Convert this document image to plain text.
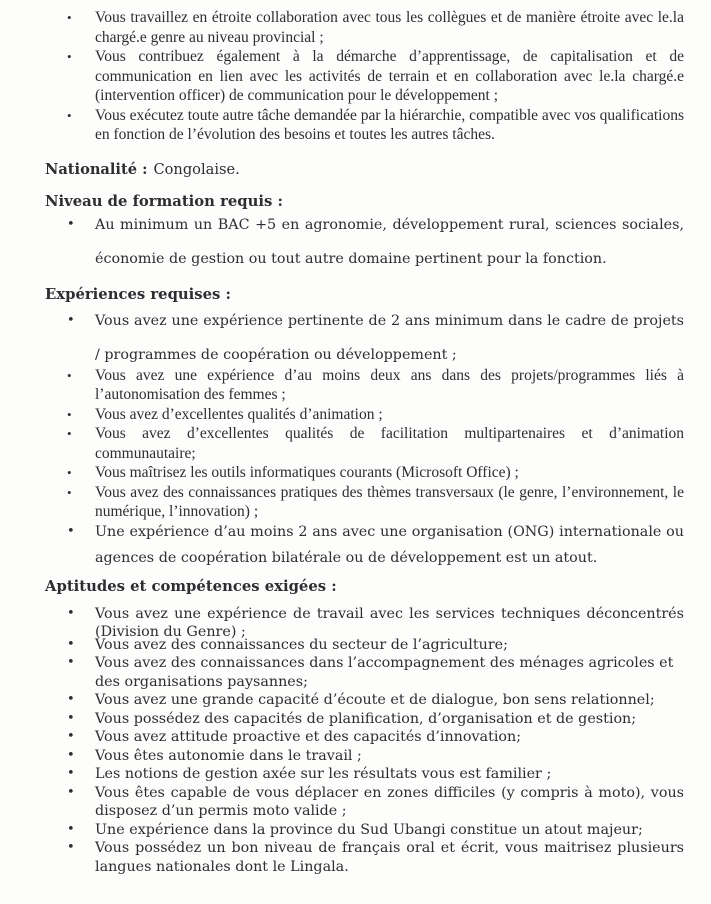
• Vous travaillez en étroite collaboration avec tous les collègues et de manière étroite avec le.la chargé.e genre au niveau provincial ;
• Vous contribuez également à la démarche d’apprentissage, de capitalisation et de communication en lien avec les activités de terrain et en collaboration avec le.la chargé.e (intervention officer) de communication pour le développement ;
• Vous exécutez toute autre tâche demandée par la hiérarchie, compatible avec vos qualifications en fonction de l’évolution des besoins et toutes les autres tâches.

Nationalité : Congolaise.

Niveau de formation requis :
• Au minimum un BAC +5 en agronomie, développement rural, sciences sociales, économie de gestion ou tout autre domaine pertinent pour la fonction.
Expériences requises :
• Vous avez une expérience pertinente de 2 ans minimum dans le cadre de projets / programmes de coopération ou développement ;
• Vous avez une expérience d’au moins deux ans dans des projets/programmes liés à l’autonomisation des femmes ;
• Vous avez d’excellentes qualités d’animation ;
• Vous avez d’excellentes qualités de facilitation multipartenaires et d’animation communautaire;
• Vous maîtrisez les outils informatiques courants (Microsoft Office) ;
• Vous avez des connaissances pratiques des thèmes transversaux (le genre, l’environnement, le numérique, l’innovation) ;
• Une expérience d’au moins 2 ans avec une organisation (ONG) internationale ou agences de coopération bilatérale ou de développement est un atout.
Aptitudes et compétences exigées :
• Vous avez une expérience de travail avec les services techniques déconcentrés (Division du Genre) ;
• Vous avez des connaissances du secteur de l’agriculture;
• Vous avez des connaissances dans l’accompagnement des ménages agricoles et des organisations paysannes;
• Vous avez une grande capacité d’écoute et de dialogue, bon sens relationnel;
• Vous possédez des capacités de planification, d’organisation et de gestion;
• Vous avez attitude proactive et des capacités d’innovation;
• Vous êtes autonomie dans le travail ;
• Les notions de gestion axée sur les résultats vous est familier ;
• Vous êtes capable de vous déplacer en zones difficiles (y compris à moto), vous disposez d’un permis moto valide ;
• Une expérience dans la province du Sud Ubangi constitue un atout majeur;
• Vous possédez un bon niveau de français oral et écrit, vous maitrisez plusieurs langues nationales dont le Lingala.
